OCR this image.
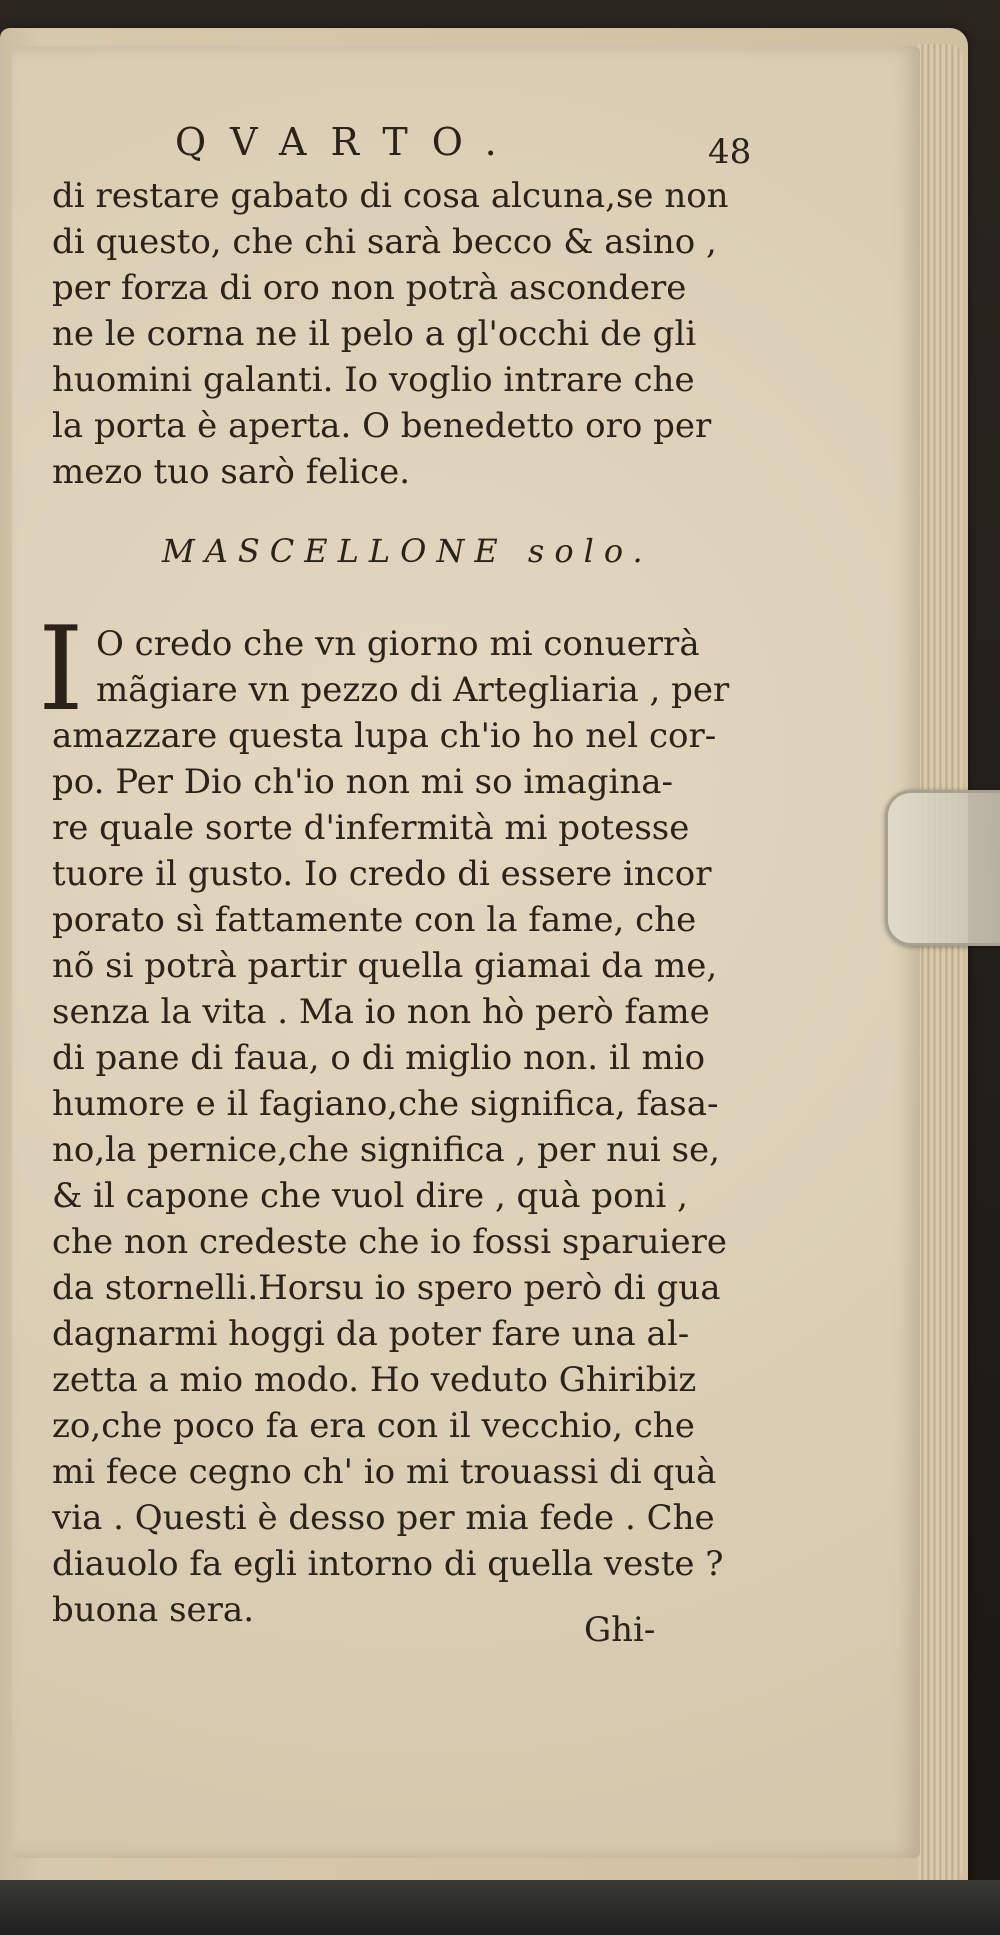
QVARTO.	48
di restare gabato di cosa alcuna,se non
di questo, che chi sarà becco & asino ,
per forza di oro non potrà ascondere
ne le corna ne il pelo a gl'occhi de gli
huomini galanti. Io voglio intrare che
la porta è aperta. O benedetto oro per
mezo tuo sarò felice.
MASCELLONE solo.
I O credo che vn giorno mi conuerrà
mãgiare vn pezzo di Artegliaria , per
amazzare questa lupa ch'io ho nel cor-
po. Per Dio ch'io non mi so imagina-
re quale sorte d'infermità mi potesse
tuore il gusto. Io credo di essere incor
porato sì fattamente con la fame, che
nõ si potrà partir quella giamai da me,
senza la vita . Ma io non hò però fame
di pane di faua, o di miglio non. il mio
humore e il fagiano,che significa, fasa-
no,la pernice,che significa , per nui se,
& il capone che vuol dire , quà poni ,
che non credeste che io fossi sparuiere
da stornelli.Horsu io spero però di gua
dagnarmi hoggi da poter fare una al-
zetta a mio modo. Ho veduto Ghiribiz
zo,che poco fa era con il vecchio, che
mi fece cegno ch' io mi trouassi di quà
via . Questi è desso per mia fede . Che
diauolo fa egli intorno di quella veste ?
buona sera.	Ghi-
